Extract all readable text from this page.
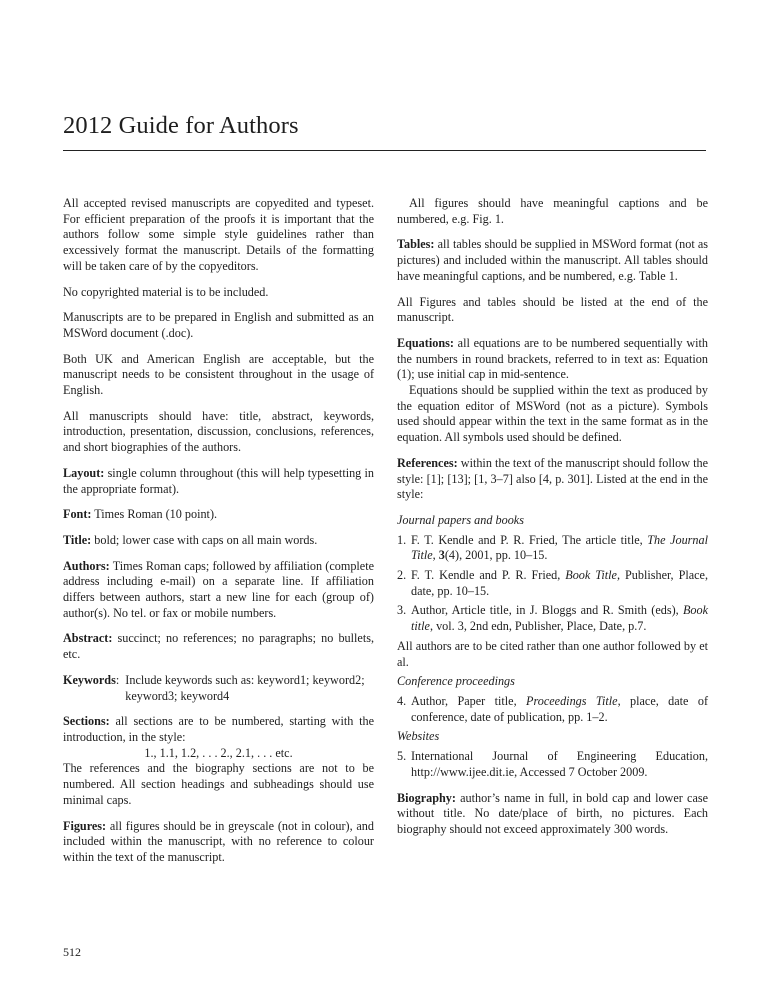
2012 Guide for Authors

All accepted revised manuscripts are copyedited and typeset. For efficient preparation of the proofs it is important that the authors follow some simple style guidelines rather than excessively format the manuscript. Details of the formatting will be taken care of by the copyeditors.

No copyrighted material is to be included.

Manuscripts are to be prepared in English and submitted as an MSWord document (.doc).

Both UK and American English are acceptable, but the manuscript needs to be consistent throughout in the usage of English.

All manuscripts should have: title, abstract, keywords, introduction, presentation, discussion, conclusions, references, and short biographies of the authors.

Layout: single column throughout (this will help typesetting in the appropriate format).

Font: Times Roman (10 point).

Title: bold; lower case with caps on all main words.

Authors: Times Roman caps; followed by affiliation (complete address including e-mail) on a separate line. If affiliation differs between authors, start a new line for each (group of) author(s). No tel. or fax or mobile numbers.

Abstract: succinct; no references; no paragraphs; no bullets, etc.

Keywords : Include keywords such as: keyword1; keyword2; keyword3; keyword4

Sections: all sections are to be numbered, starting with the introduction, in the style:

1., 1.1, 1.2, . . . 2., 2.1, . . . etc.

The references and the biography sections are not to be numbered. All section headings and subheadings should use minimal caps.

Figures: all figures should be in greyscale (not in colour), and included within the manuscript, with no reference to colour within the text of the manuscript.

All figures should have meaningful captions and be numbered, e.g. Fig. 1.

Tables: all tables should be supplied in MSWord format (not as pictures) and included within the manuscript. All tables should have meaningful captions, and be numbered, e.g. Table 1.

All Figures and tables should be listed at the end of the manuscript.

Equations: all equations are to be numbered sequentially with the numbers in round brackets, referred to in text as: Equation (1); use initial cap in mid-sentence.

Equations should be supplied within the text as produced by the equation editor of MSWord (not as a picture). Symbols used should appear within the text in the same format as in the equation. All symbols used should be defined.

References: within the text of the manuscript should follow the style: [1]; [13]; [1, 3–7] also [4, p. 301]. Listed at the end in the style:

Journal papers and books

1. F. T. Kendle and P. R. Fried, The article title, The Journal Title, 3(4), 2001, pp. 10–15.
2. F. T. Kendle and P. R. Fried, Book Title, Publisher, Place, date, pp. 10–15.
3. Author, Article title, in J. Bloggs and R. Smith (eds), Book title, vol. 3, 2nd edn, Publisher, Place, Date, p.7.

All authors are to be cited rather than one author followed by et al.

Conference proceedings

4. Author, Paper title, Proceedings Title, place, date of conference, date of publication, pp. 1–2.

Websites

5. International Journal of Engineering Education, http://www.ijee.dit.ie, Accessed 7 October 2009.

Biography: author’s name in full, in bold cap and lower case without title. No date/place of birth, no pictures. Each biography should not exceed approximately 300 words.

512
